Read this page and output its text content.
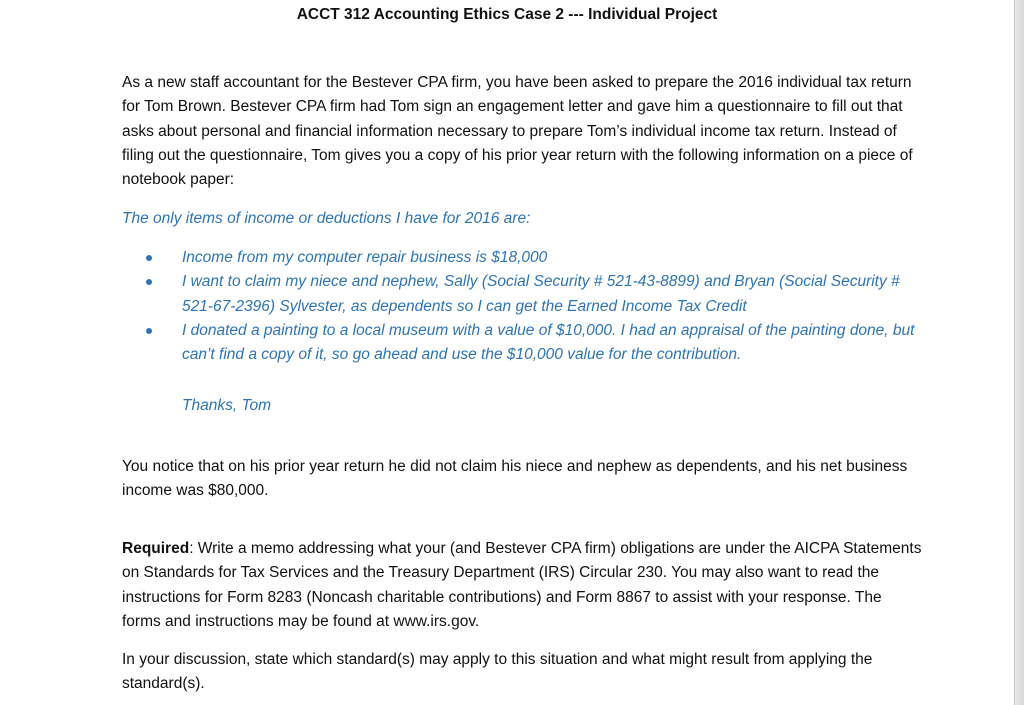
ACCT 312 Accounting Ethics Case 2 --- Individual Project
As a new staff accountant for the Bestever CPA firm, you have been asked to prepare the 2016 individual tax return for Tom Brown. Bestever CPA firm had Tom sign an engagement letter and gave him a questionnaire to fill out that asks about personal and financial information necessary to prepare Tom’s individual income tax return. Instead of filing out the questionnaire, Tom gives you a copy of his prior year return with the following information on a piece of notebook paper:
The only items of income or deductions I have for 2016 are:
Income from my computer repair business is $18,000
I want to claim my niece and nephew, Sally (Social Security # 521-43-8899) and Bryan (Social Security # 521-67-2396) Sylvester, as dependents so I can get the Earned Income Tax Credit
I donated a painting to a local museum with a value of $10,000. I had an appraisal of the painting done, but can’t find a copy of it, so go ahead and use the $10,000 value for the contribution.
Thanks, Tom
You notice that on his prior year return he did not claim his niece and nephew as dependents, and his net business income was $80,000.
Required: Write a memo addressing what your (and Bestever CPA firm) obligations are under the AICPA Statements on Standards for Tax Services and the Treasury Department (IRS) Circular 230. You may also want to read the instructions for Form 8283 (Noncash charitable contributions) and Form 8867 to assist with your response. The forms and instructions may be found at www.irs.gov.
In your discussion, state which standard(s) may apply to this situation and what might result from applying the standard(s).
